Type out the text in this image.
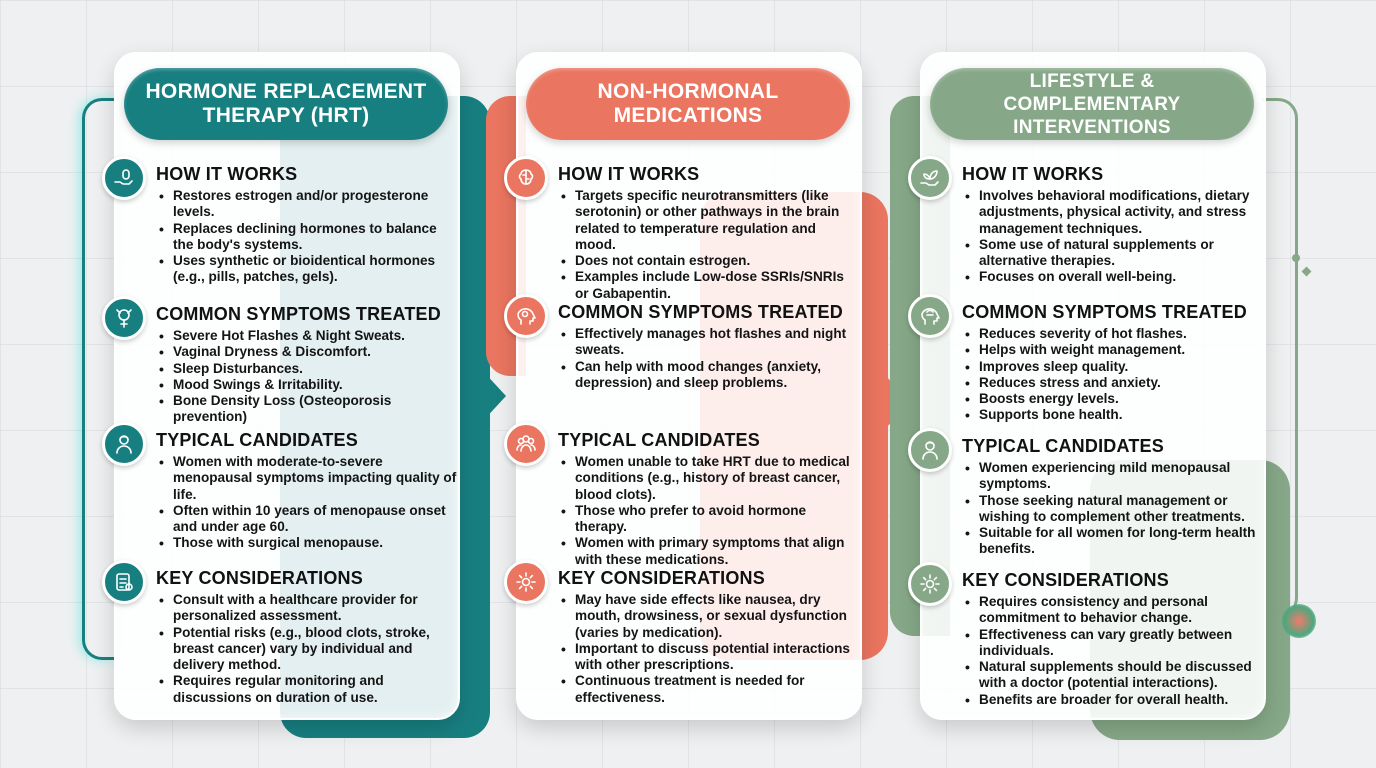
HORMONE REPLACEMENT THERAPY (HRT)
HOW IT WORKS
• Restores estrogen and/or progesterone levels.
• Replaces declining hormones to balance the body's systems.
• Uses synthetic or bioidentical hormones (e.g., pills, patches, gels).
COMMON SYMPTOMS TREATED
• Severe Hot Flashes & Night Sweats.
• Vaginal Dryness & Discomfort.
• Sleep Disturbances.
• Mood Swings & Irritability.
• Bone Density Loss (Osteoporosis prevention)
TYPICAL CANDIDATES
• Women with moderate-to-severe menopausal symptoms impacting quality of life.
• Often within 10 years of menopause onset and under age 60.
• Those with surgical menopause.
KEY CONSIDERATIONS
• Consult with a healthcare provider for personalized assessment.
• Potential risks (e.g., blood clots, stroke, breast cancer) vary by individual and delivery method.
• Requires regular monitoring and discussions on duration of use.
NON-HORMONAL MEDICATIONS
HOW IT WORKS
• Targets specific neurotransmitters (like serotonin) or other pathways in the brain related to temperature regulation and mood.
• Does not contain estrogen.
• Examples include Low-dose SSRIs/SNRIs or Gabapentin.
COMMON SYMPTOMS TREATED
• Effectively manages hot flashes and night sweats.
• Can help with mood changes (anxiety, depression) and sleep problems.
TYPICAL CANDIDATES
• Women unable to take HRT due to medical conditions (e.g., history of breast cancer, blood clots).
• Those who prefer to avoid hormone therapy.
• Women with primary symptoms that align with these medications.
KEY CONSIDERATIONS
• May have side effects like nausea, dry mouth, drowsiness, or sexual dysfunction (varies by medication).
• Important to discuss potential interactions with other prescriptions.
• Continuous treatment is needed for effectiveness.
LIFESTYLE & COMPLEMENTARY INTERVENTIONS
HOW IT WORKS
• Involves behavioral modifications, dietary adjustments, physical activity, and stress management techniques.
• Some use of natural supplements or alternative therapies.
• Focuses on overall well-being.
COMMON SYMPTOMS TREATED
• Reduces severity of hot flashes.
• Helps with weight management.
• Improves sleep quality.
• Reduces stress and anxiety.
• Boosts energy levels.
• Supports bone health.
TYPICAL CANDIDATES
• Women experiencing mild menopausal symptoms.
• Those seeking natural management or wishing to complement other treatments.
• Suitable for all women for long-term health benefits.
KEY CONSIDERATIONS
• Requires consistency and personal commitment to behavior change.
• Effectiveness can vary greatly between individuals.
• Natural supplements should be discussed with a doctor (potential interactions).
• Benefits are broader for overall health.
